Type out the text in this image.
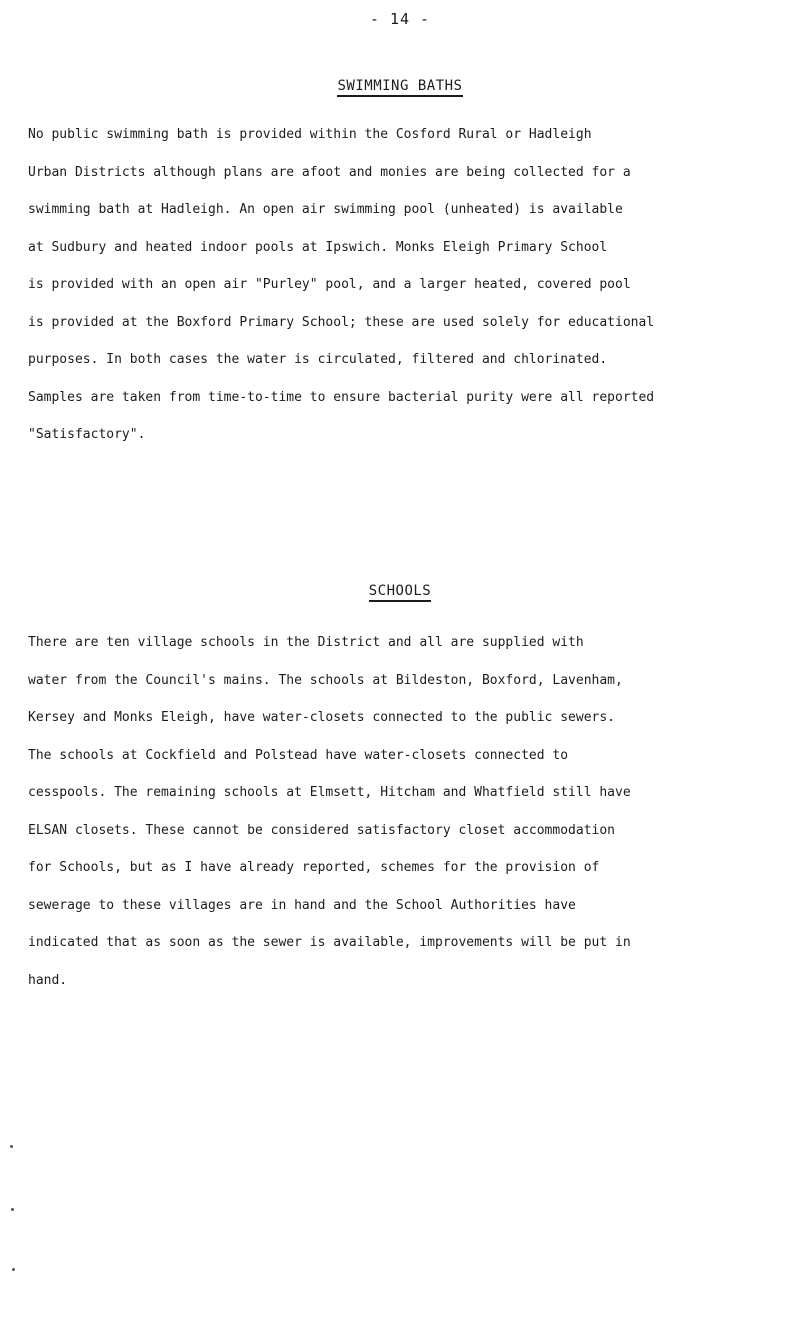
- 14 -
SWIMMING BATHS
No public swimming bath is provided within the Cosford Rural or Hadleigh
Urban Districts although plans are afoot and monies are being collected for a
swimming bath at Hadleigh. An open air swimming pool (unheated) is available
at Sudbury and heated indoor pools at Ipswich. Monks Eleigh Primary School
is provided with an open air "Purley" pool, and a larger heated, covered pool
is provided at the Boxford Primary School; these are used solely for educational
purposes. In both cases the water is circulated, filtered and chlorinated.
Samples are taken from time-to-time to ensure bacterial purity were all reported
"Satisfactory".
SCHOOLS
There are ten village schools in the District and all are supplied with
water from the Council's mains. The schools at Bildeston, Boxford, Lavenham,
Kersey and Monks Eleigh, have water-closets connected to the public sewers.
The schools at Cockfield and Polstead have water-closets connected to
cesspools. The remaining schools at Elmsett, Hitcham and Whatfield still have
ELSAN closets. These cannot be considered satisfactory closet accommodation
for Schools, but as I have already reported, schemes for the provision of
sewerage to these villages are in hand and the School Authorities have
indicated that as soon as the sewer is available, improvements will be put in
hand.
